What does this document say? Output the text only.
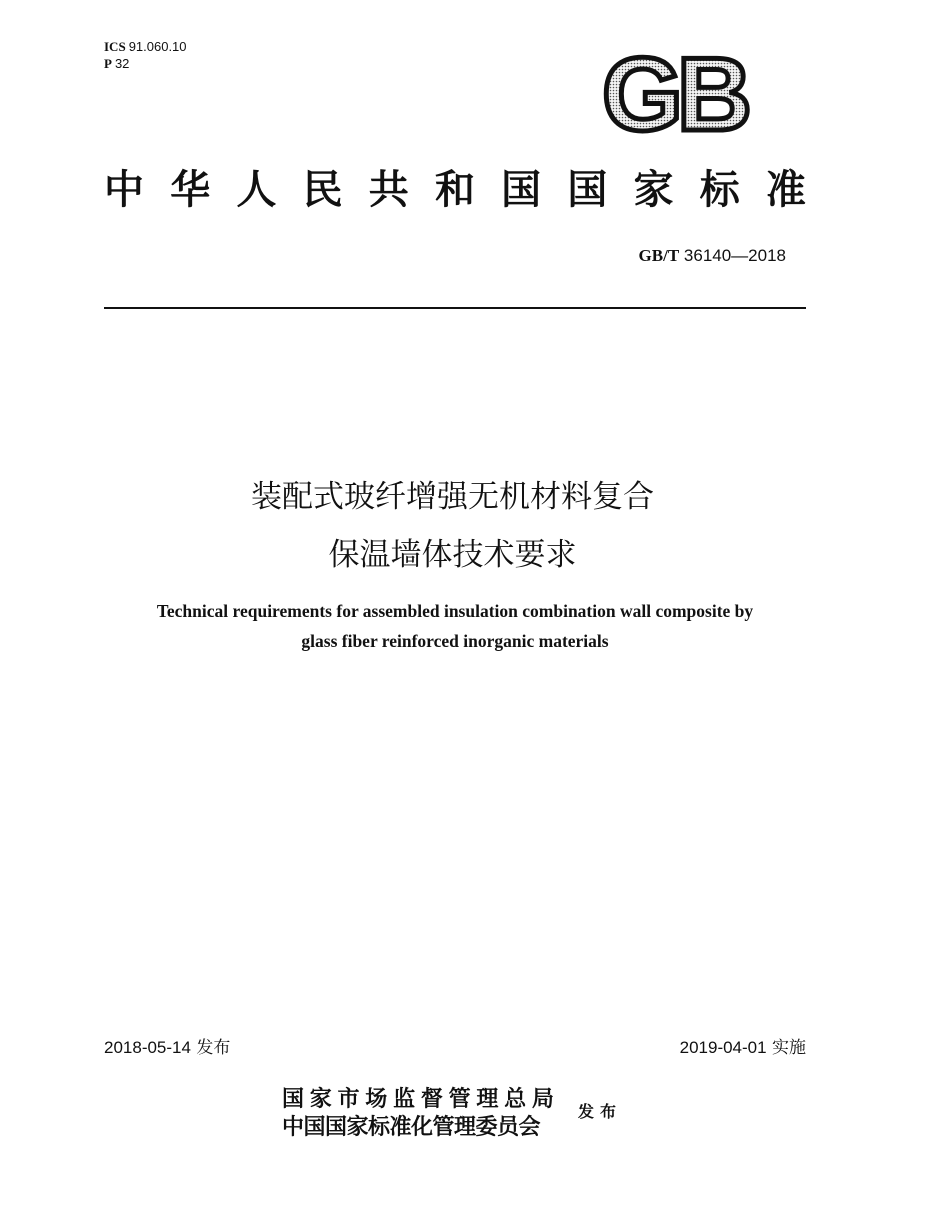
ICS 91.060.10
P 32	GB
中 华 人 民 共 和 国 国 家 标 准
GB/T 36140—2018
装配式玻纤增强无机材料复合
保温墙体技术要求
Technical requirements for assembled insulation combination wall composite by
glass fiber reinforced inorganic materials
2018-05-14 发布	2019-04-01 实施
国 家 市 场 监 督 管 理 总 局
中国国家标准化管理委员会
发布
